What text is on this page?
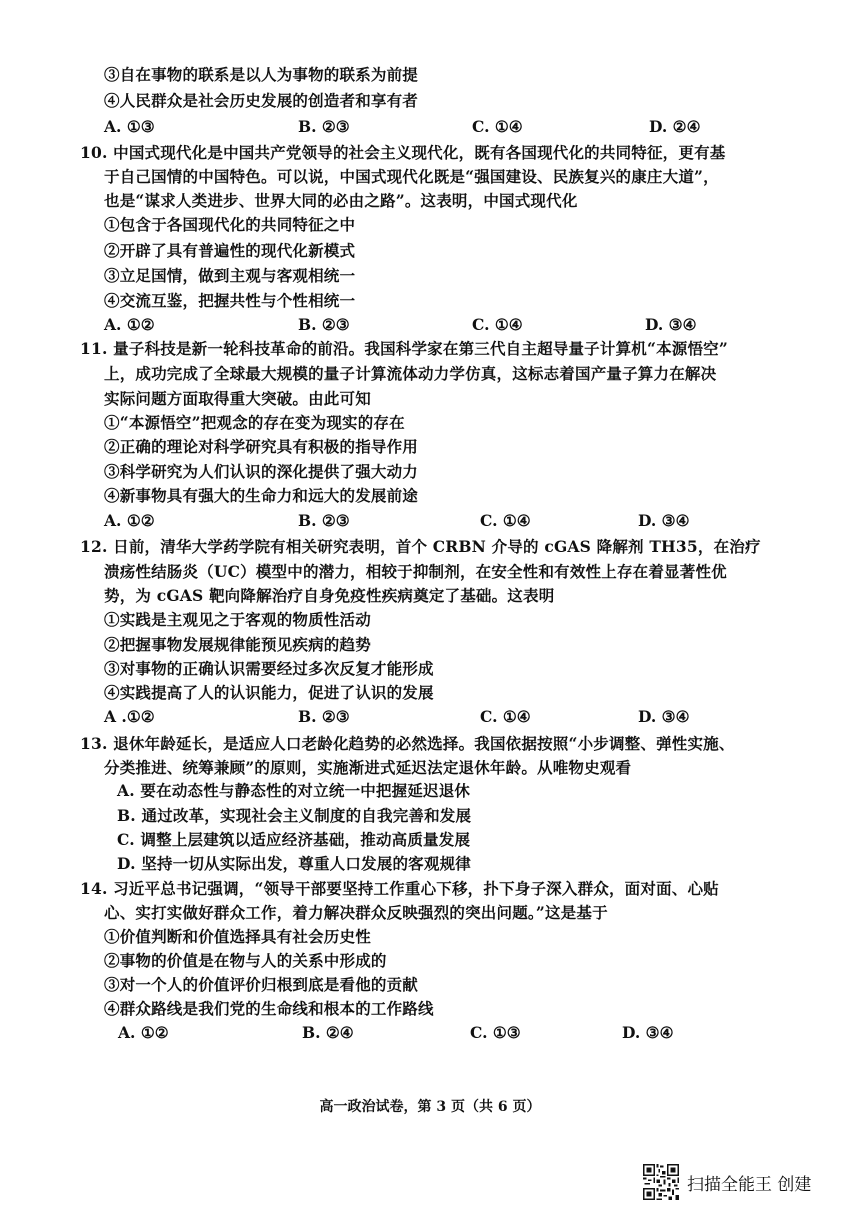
③自在事物的联系是以人为事物的联系为前提
④人民群众是社会历史发展的创造者和享有者
A. ①③	B. ②③	C. ①④	D. ②④
10. 中国式现代化是中国共产党领导的社会主义现代化，既有各国现代化的共同特征，更有基
于自己国情的中国特色。可以说，中国式现代化既是“强国建设、民族复兴的康庄大道”，
也是“谋求人类进步、世界大同的必由之路”。这表明，中国式现代化
①包含于各国现代化的共同特征之中
②开辟了具有普遍性的现代化新模式
③立足国情，做到主观与客观相统一
④交流互鉴，把握共性与个性相统一
A. ①②	B. ②③	C. ①④	D. ③④
11. 量子科技是新一轮科技革命的前沿。我国科学家在第三代自主超导量子计算机“本源悟空”
上，成功完成了全球最大规模的量子计算流体动力学仿真，这标志着国产量子算力在解决
实际问题方面取得重大突破。由此可知
①“本源悟空”把观念的存在变为现实的存在
②正确的理论对科学研究具有积极的指导作用
③科学研究为人们认识的深化提供了强大动力
④新事物具有强大的生命力和远大的发展前途
A. ①②	B. ②③	C. ①④	D. ③④
12. 日前，清华大学药学院有相关研究表明，首个 CRBN 介导的 cGAS 降解剂 TH35，在治疗
溃疡性结肠炎（UC）模型中的潜力，相较于抑制剂，在安全性和有效性上存在着显著性优
势，为 cGAS 靶向降解治疗自身免疫性疾病奠定了基础。这表明
①实践是主观见之于客观的物质性活动
②把握事物发展规律能预见疾病的趋势
③对事物的正确认识需要经过多次反复才能形成
④实践提高了人的认识能力，促进了认识的发展
A .①②	B. ②③	C. ①④	D. ③④
13. 退休年龄延长，是适应人口老龄化趋势的必然选择。我国依据按照“小步调整、弹性实施、
分类推进、统筹兼顾”的原则，实施渐进式延迟法定退休年龄。从唯物史观看
A. 要在动态性与静态性的对立统一中把握延迟退休
B. 通过改革，实现社会主义制度的自我完善和发展
C. 调整上层建筑以适应经济基础，推动高质量发展
D. 坚持一切从实际出发，尊重人口发展的客观规律
14. 习近平总书记强调，“领导干部要坚持工作重心下移，扑下身子深入群众，面对面、心贴
心、实打实做好群众工作，着力解决群众反映强烈的突出问题。”这是基于
①价值判断和价值选择具有社会历史性
②事物的价值是在物与人的关系中形成的
③对一个人的价值评价归根到底是看他的贡献
④群众路线是我们党的生命线和根本的工作路线
A. ①②	B. ②④	C. ①③	D. ③④
高一政治试卷，第 3 页（共 6 页）
扫描全能王 创建
